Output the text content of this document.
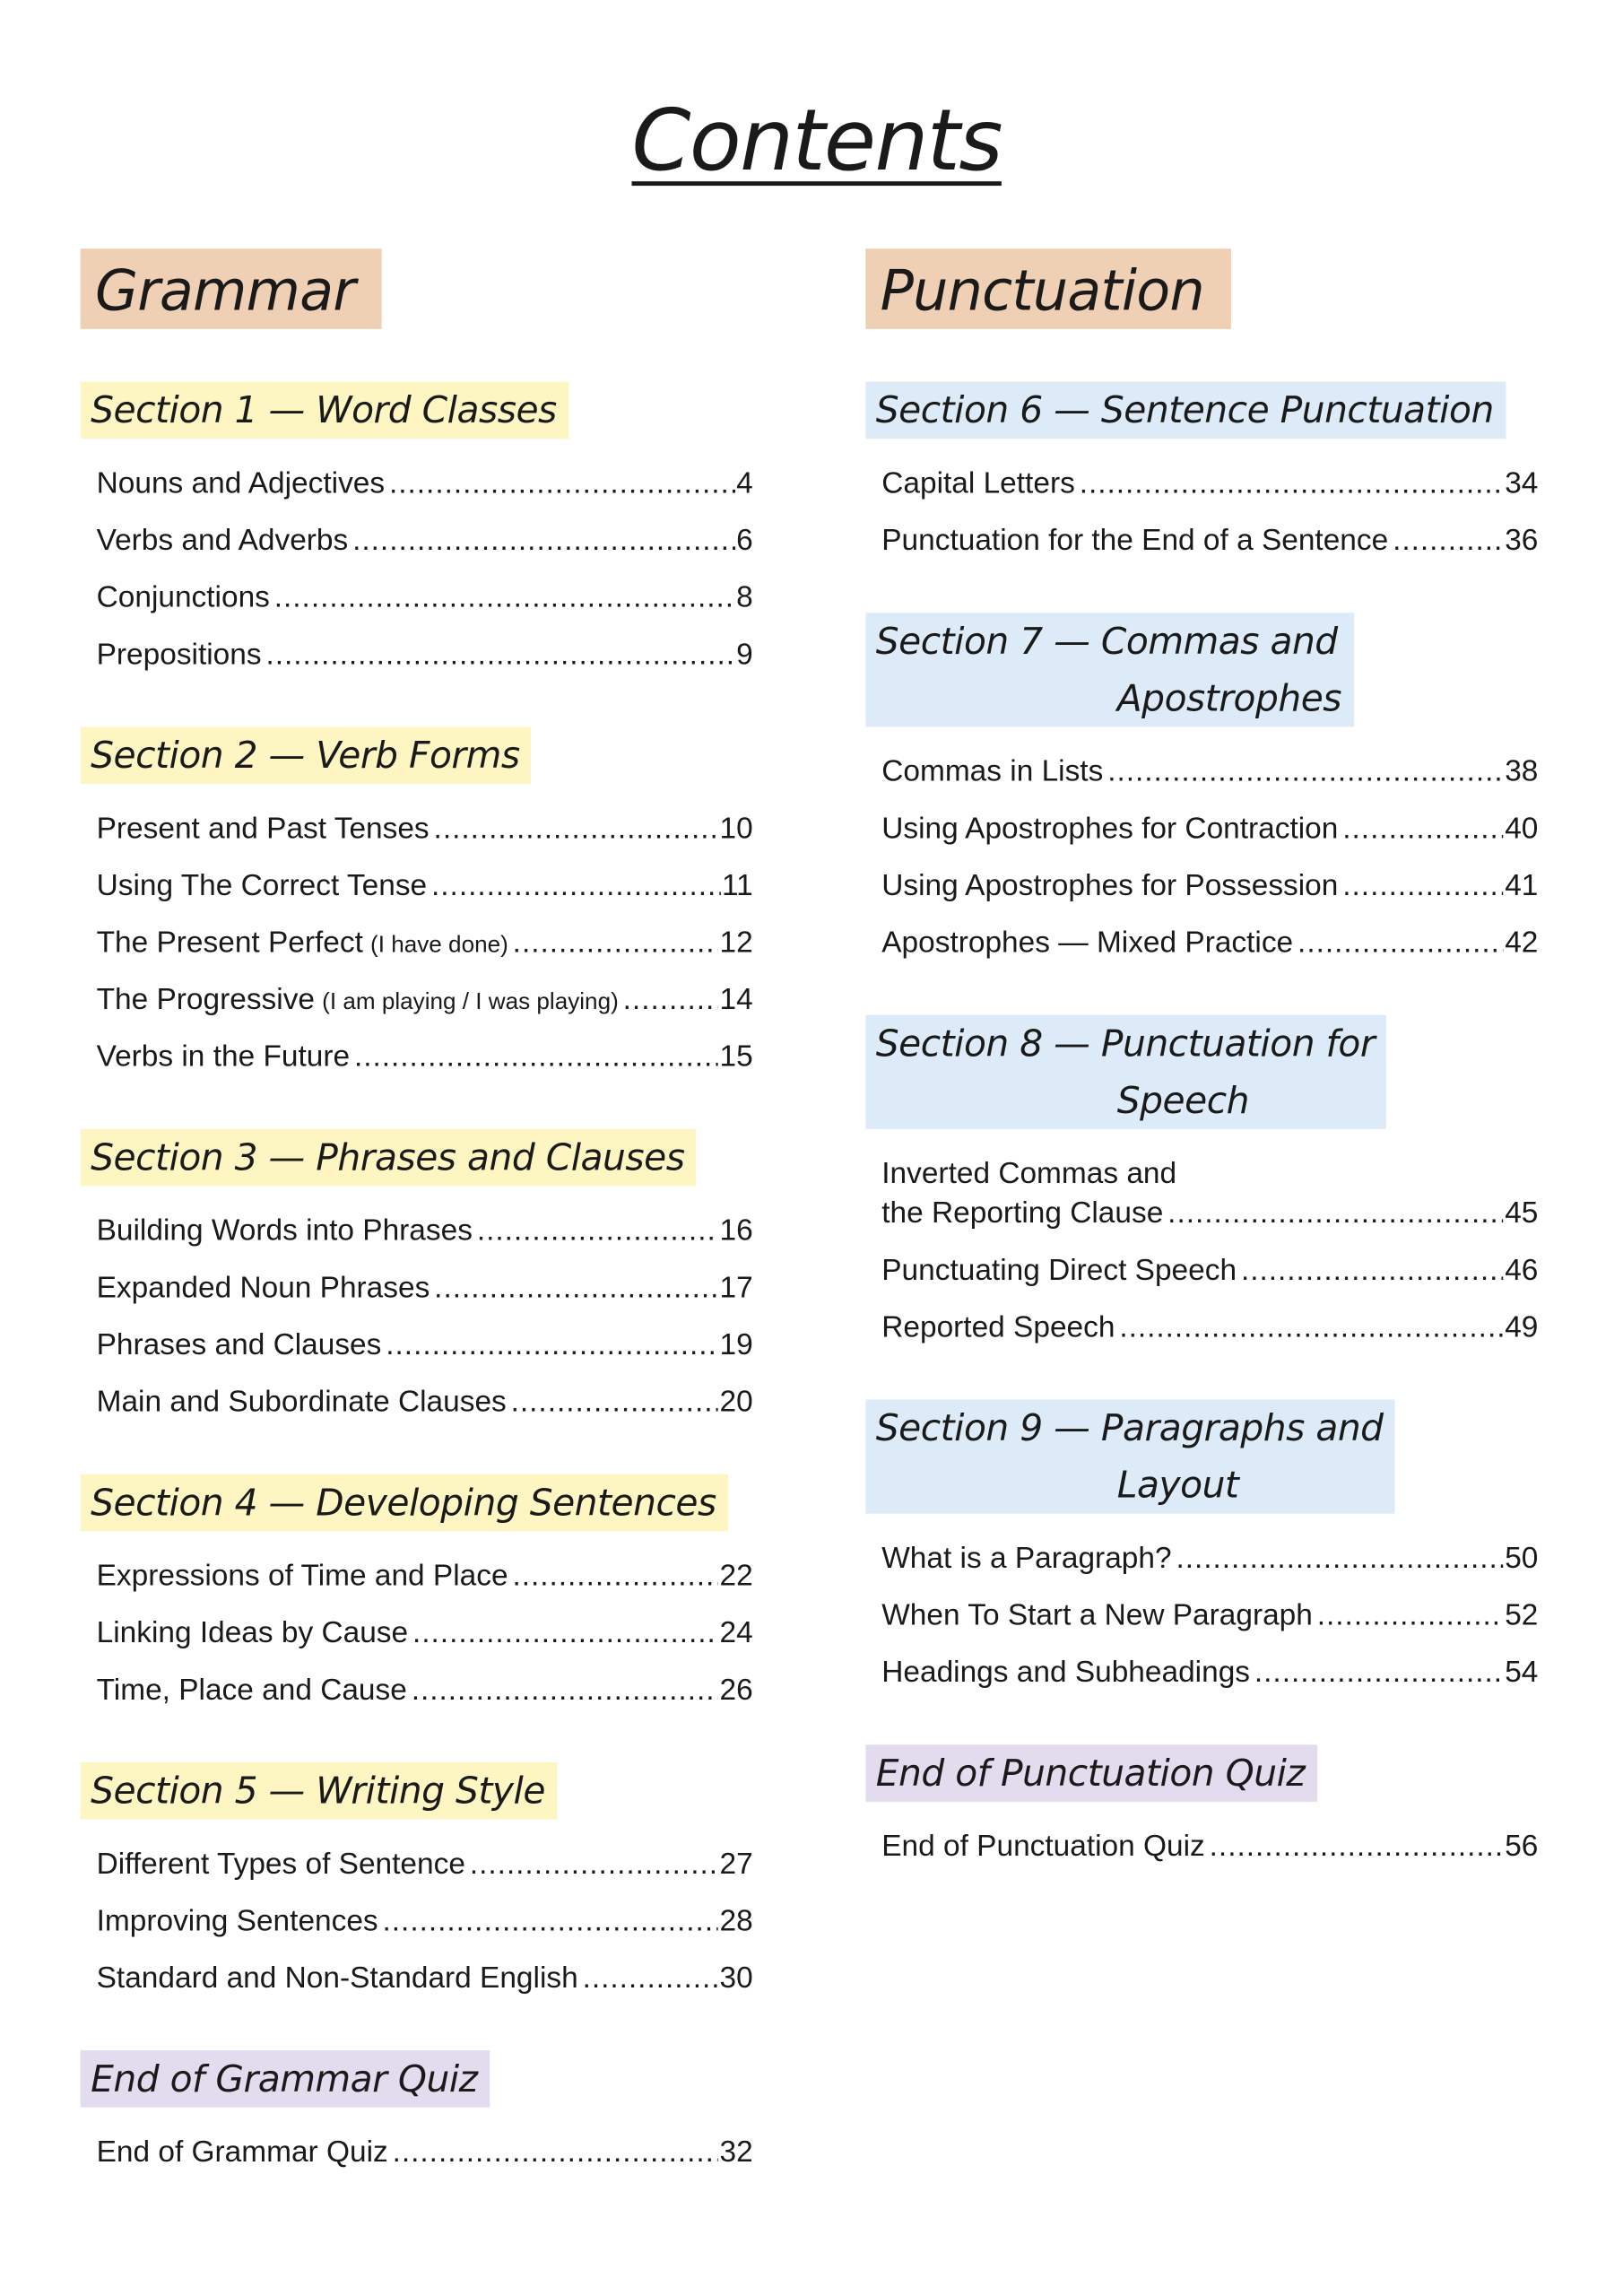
Contents
Grammar
Section 1 — Word Classes
Nouns and Adjectives .....	4
Verbs and Adverbs .....	6
Conjunctions .....	8
Prepositions .....	9
Section 2 — Verb Forms
Present and Past Tenses .....	10
Using The Correct Tense .....	11
The Present Perfect (I have done) .....	12
The Progressive (I am playing / I was playing) .....	14
Verbs in the Future .....	15
Section 3 — Phrases and Clauses
Building Words into Phrases .....	16
Expanded Noun Phrases .....	17
Phrases and Clauses .....	19
Main and Subordinate Clauses .....	20
Section 4 — Developing Sentences
Expressions of Time and Place .....	22
Linking Ideas by Cause .....	24
Time, Place and Cause .....	26
Section 5 — Writing Style
Different Types of Sentence .....	27
Improving Sentences .....	28
Standard and Non-Standard English .....	30
End of Grammar Quiz
End of Grammar Quiz .....	32
Punctuation
Section 6 — Sentence Punctuation
Capital Letters .....	34
Punctuation for the End of a Sentence .....	36
Section 7 — Commas and
Apostrophes
Commas in Lists .....	38
Using Apostrophes for Contraction .....	40
Using Apostrophes for Possession .....	41
Apostrophes — Mixed Practice .....	42
Section 8 — Punctuation for
Speech
Inverted Commas and
the Reporting Clause .....	45
Punctuating Direct Speech .....	46
Reported Speech .....	49
Section 9 — Paragraphs and
Layout
What is a Paragraph? .....	50
When To Start a New Paragraph .....	52
Headings and Subheadings .....	54
End of Punctuation Quiz
End of Punctuation Quiz .....	56
